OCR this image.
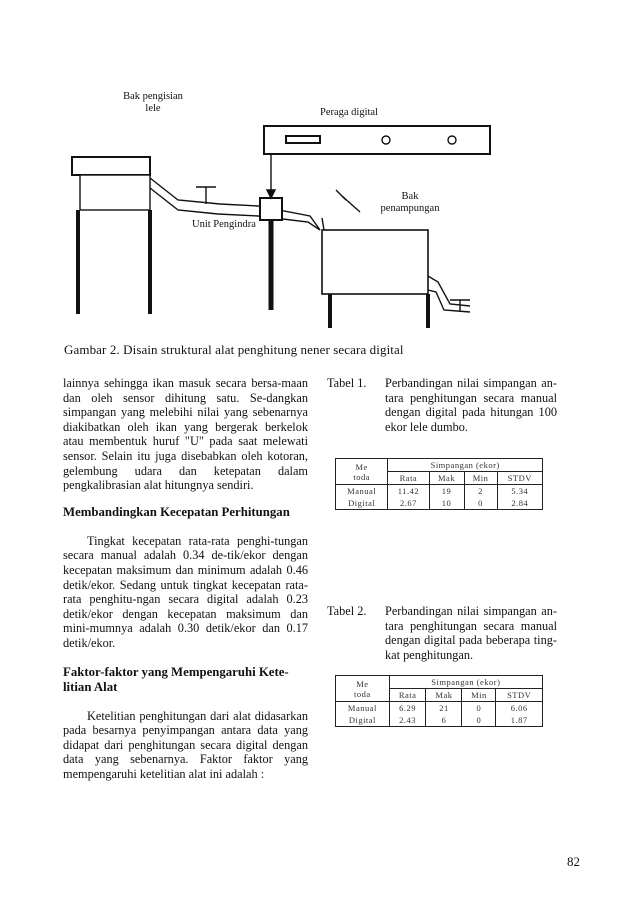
Bak pengisian
lele	Peraga digital
Bak
penampungan
Unit Pengindra
Gambar 2. Disain struktural alat penghitung nener secara digital

lainnya sehingga ikan masuk secara bersa-maan dan oleh sensor dihitung satu. Se-dangkan simpangan yang melebihi nilai yang sebenarnya diakibatkan oleh ikan yang bergerak berkelok atau membentuk huruf "U" pada saat melewati sensor. Selain itu juga disebabkan oleh kotoran, gelembung udara dan ketepatan dalam pengkalibrasian alat hitungnya sendiri.

Membandingkan Kecepatan Perhitungan

Tingkat kecepatan rata-rata penghi-tungan secara manual adalah 0.34 de-tik/ekor dengan kecepatan maksimum dan minimum adalah 0.46 detik/ekor. Sedang untuk tingkat kecepatan rata-rata penghitu-ngan secara digital adalah 0.23 detik/ekor dengan kecepatan maksimum dan mini-mumnya adalah 0.30 detik/ekor dan 0.17 detik/ekor.

Faktor-faktor yang Mempengaruhi Kete-litian Alat

Ketelitian penghitungan dari alat didasarkan pada besarnya penyimpangan antara data yang didapat dari penghitungan secara digital dengan data yang sebenarnya. Faktor faktor yang mempengaruhi ketelitian alat ini adalah :

Tabel 1.	Perbandingan nilai simpangan an-tara penghitungan secara manual dengan digital pada hitungan 100 ekor lele dumbo.
Me
toda	Simpangan (ekor)			
	Rata	Mak	Min	STDV
Manual	11.42	19	2	5.34
Digital	2.67	10	0	2.84
Tabel 2.	Perbandingan nilai simpangan an-tara penghitungan secara manual dengan digital pada beberapa ting-kat penghitungan.
Me
toda	Simpangan (ekor)			
	Rata	Mak	Min	STDV
Manual	6.29	21	0	6.06
Digital	2.43	6	0	1.87
82
